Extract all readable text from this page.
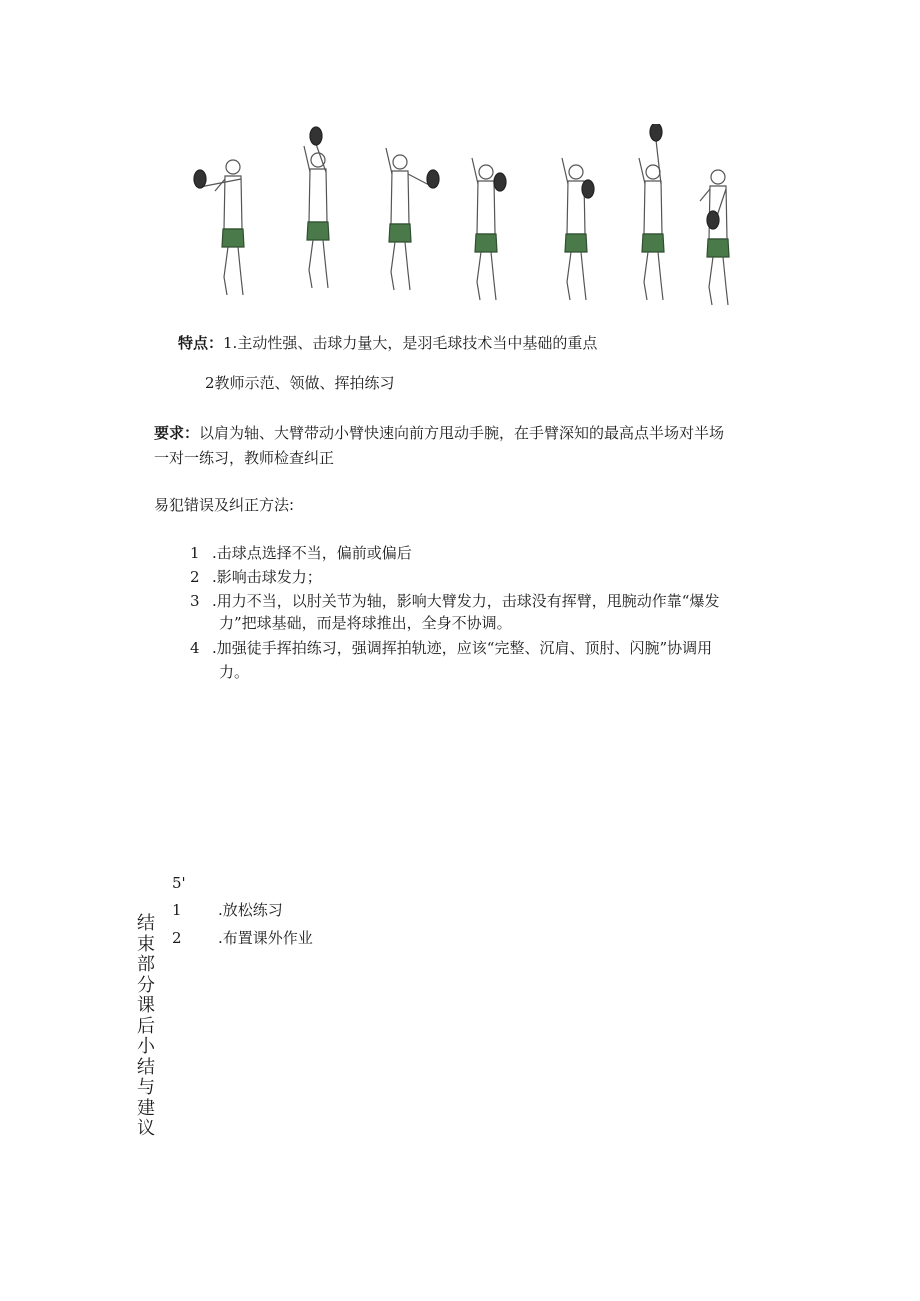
特点：1.主动性强、击球力量大，是羽毛球技术当中基础的重点
2教师示范、领做、挥拍练习
要求：以肩为轴、大臂带动小臂快速向前方甩动手腕，在手臂深知的最高点半场对半场
一对一练习，教师检查纠正
易犯错误及纠正方法:
1 .击球点选择不当，偏前或偏后
2 .影响击球发力；
3 .用力不当，以肘关节为轴，影响大臂发力，击球没有挥臂，甩腕动作靠“爆发
力”把球基础，而是将球推出，全身不协调。
4 .加强徒手挥拍练习，强调挥拍轨迹，应该“完整、沉肩、顶肘、闪腕”协调用
力。
5'
1 .放松练习
2 .布置课外作业
结束部分课后小结与建议
